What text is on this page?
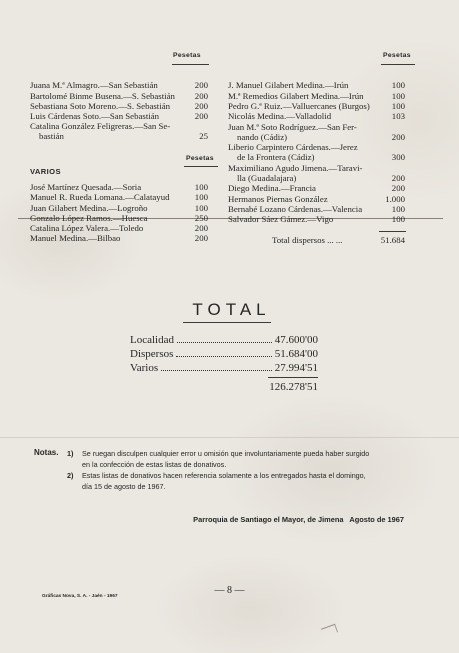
Pesetas
Juana M.ª Almagro.—San Sebastián	200
Bartolomé Binme Busena.—S. Sebastián 200
Sebastiana Soto Moreno.—S. Sebastián	200
Luis Cárdenas Soto.—San Sebastián	200
Catalina González Feligreras.—San Se-
bastián	25
Pesetas
VARIOS
José Martínez Quesada.—Soria	100
Manuel R. Rueda Lomana.—Calatayud	100
Juan Gilabert Medina.—Logroño	100
Gonzalo López Ramos.—Huesca	250
Catalina López Valera.—Toledo	200
Manuel Medina.—Bilbao	200
Pesetas
J. Manuel Gilabert Medina.—Irún	100
M.ª Remedios Gilabert Medina.—Irún	100
Pedro G.ª Ruiz.—Valluercanes (Burgos)	100
Nicolás Medina.—Valladolid	103
Juan M.ª Soto Rodríguez.—San Fer-
nando (Cádiz)	200
Liberio Carpintero Cárdenas.—Jerez
de la Frontera (Cádiz)	300
Maximiliano Agudo Jimena.—Taravi-
lla (Guadalajara)	200
Diego Medina.—Francia	200
Hermanos Piernas González	1.000
Bernabé Lozano Cárdenas.—Valencia	100
Salvador Sáez Gámez.—Vigo	100
Total dispersos ... ...	51.684
TOTAL
Localidad	47.600'00
Dispersos	51.684'00
Varios	27.994'51
126.278'51
Notas. 1) Se ruegan disculpen cualquier error u omisión que involuntariamente pueda haber surgido
en la confección de estas listas de donativos.
2) Estas listas de donativos hacen referencia solamente a los entregados hasta el domingo,
día 15 de agosto de 1967.
Parroquia de Santiago el Mayor, de Jimena   Agosto de 1967
— 8 —
Gráficas Nova, S. A. - Jaén - 1967
